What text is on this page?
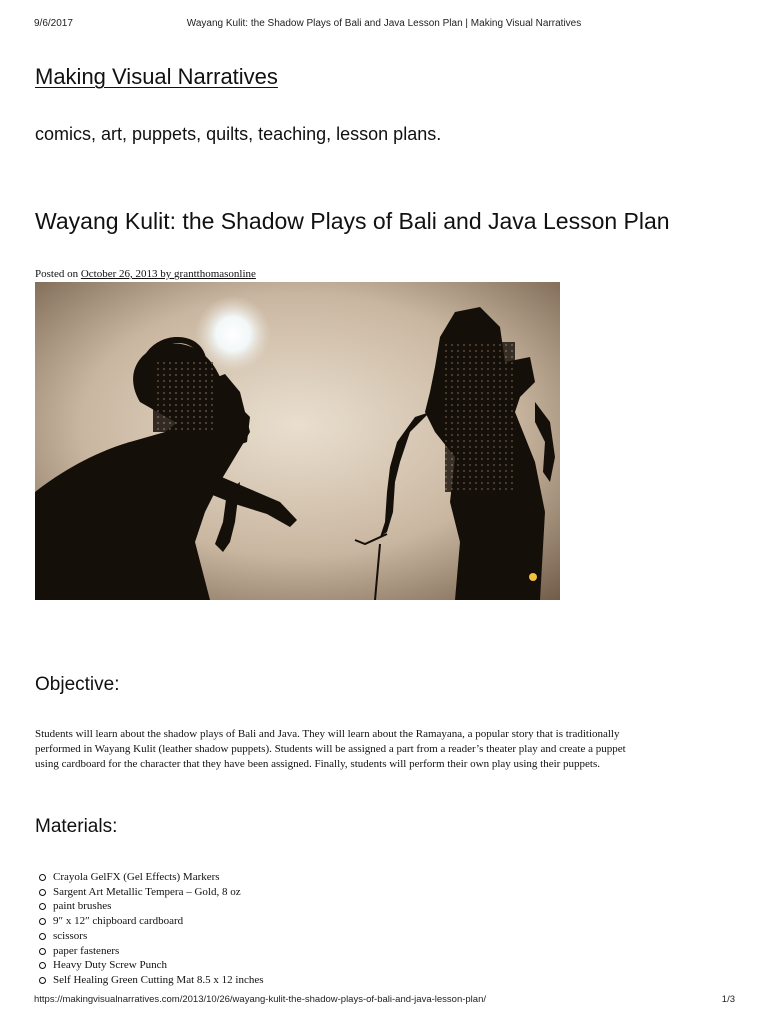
9/6/2017	Wayang Kulit: the Shadow Plays of Bali and Java Lesson Plan | Making Visual Narratives
Making Visual Narratives
comics, art, puppets, quilts, teaching, lesson plans.
Wayang Kulit: the Shadow Plays of Bali and Java Lesson Plan
Posted on October 26, 2013 by grantthomasonline
Objective:
Students will learn about the shadow plays of Bali and Java. They will learn about the Ramayana, a popular story that is traditionally
performed in Wayang Kulit (leather shadow puppets). Students will be assigned a part from a reader’s theater play and create a puppet
using cardboard for the character that they have been assigned. Finally, students will perform their own play using their puppets.
Materials:
Crayola GelFX (Gel Effects) Markers
Sargent Art Metallic Tempera – Gold, 8 oz
paint brushes
9″ x 12″ chipboard cardboard
scissors
paper fasteners
Heavy Duty Screw Punch
Self Healing Green Cutting Mat 8.5 x 12 inches
https://makingvisualnarratives.com/2013/10/26/wayang-kulit-the-shadow-plays-of-bali-and-java-lesson-plan/	1/3
